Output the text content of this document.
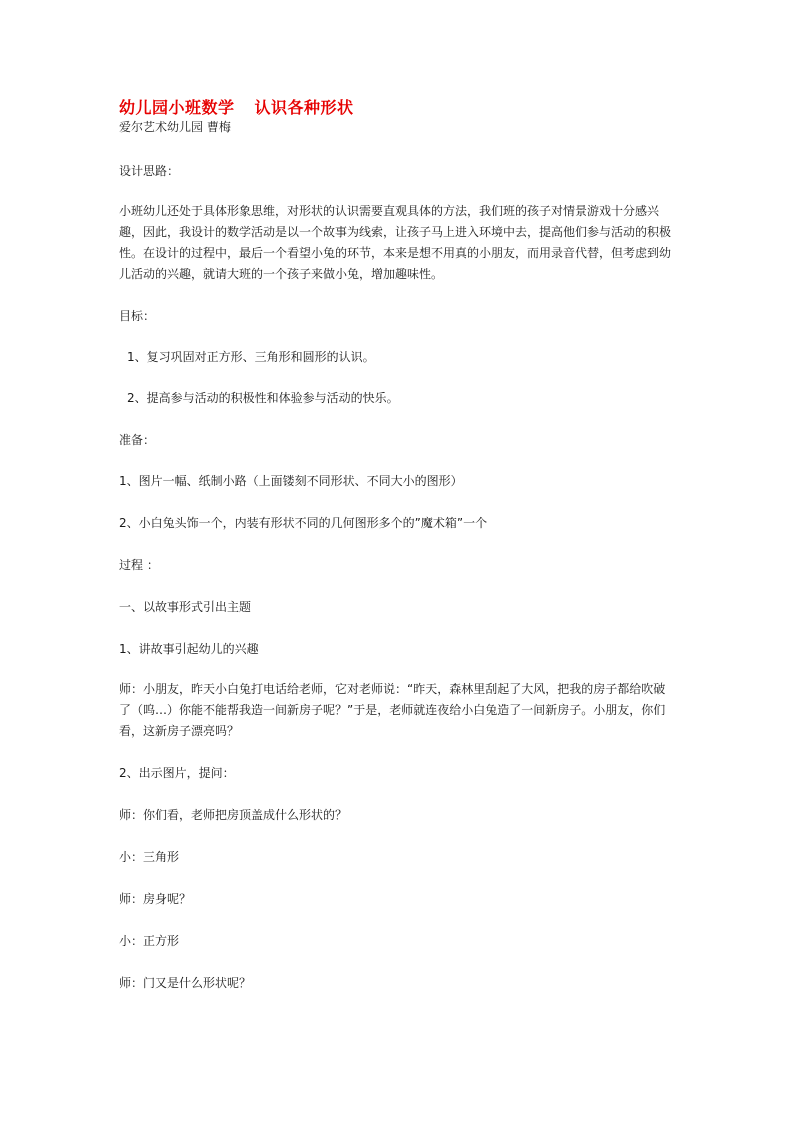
幼儿园小班数学 认识各种形状
爱尔艺术幼儿园 曹梅
设计思路：
小班幼儿还处于具体形象思维，对形状的认识需要直观具体的方法，我们班的孩子对情景游戏十分感兴趣，因此，我设计的数学活动是以一个故事为线索，让孩子马上进入环境中去，提高他们参与活动的积极性。在设计的过程中，最后一个看望小兔的环节，本来是想不用真的小朋友，而用录音代替，但考虑到幼儿活动的兴趣，就请大班的一个孩子来做小兔，增加趣味性。
目标：
1、复习巩固对正方形、三角形和圆形的认识。
2、提高参与活动的积极性和体验参与活动的快乐。
准备：
1、图片一幅、纸制小路（上面镂刻不同形状、不同大小的图形）
2、小白兔头饰一个，内装有形状不同的几何图形多个的”魔术箱”一个
过程 ：
一、以故事形式引出主题
1、讲故事引起幼儿的兴趣
师：小朋友，昨天小白兔打电话给老师，它对老师说：“昨天，森林里刮起了大风，把我的房子都给吹破了（呜…）你能不能帮我造一间新房子呢？”于是，老师就连夜给小白兔造了一间新房子。小朋友，你们看，这新房子漂亮吗？
2、出示图片，提问：
师：你们看，老师把房顶盖成什么形状的？
小：三角形
师：房身呢？
小：正方形
师：门又是什么形状呢？
